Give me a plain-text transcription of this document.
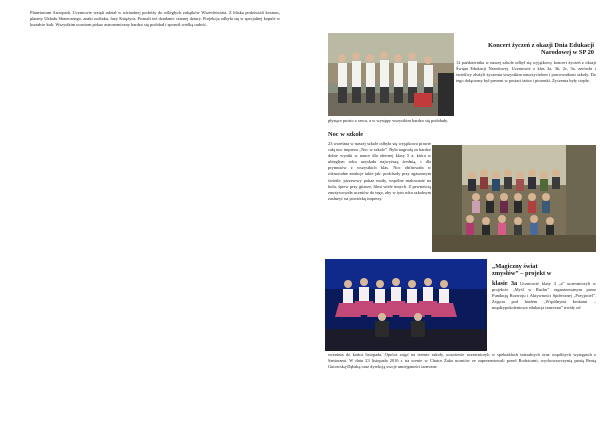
Planetarium Astropark. Uczniowie wzięli udział w wirtualnej podróży do odległych zakątków Wszechświata. Z bliska podziwiali kosmos, planety Układu Słonecznego, znaki zodiaku, fazy Księżyca. Poznali też działanie czarnej dziury. Projekcja odbyła się w specjalnej kopule w kształcie kuli. Wszystkim uczniom pokaz astronomiczny bardzo się podobał i sprawił wielką radość.

Koncert życzeń z okazji Dnia Edukacji Narodowej w SP 20

12 października w naszej szkole odbył się wyjątkowy koncert życzeń z okazji Święta Edukacji Narodowej. Uczniowie z klas 3a, 3b, 2c, 5a, zerówki i świetlicy złożyli życzenia wszystkim nauczycielom i pracownikom szkoły. Do tego dołączony był prezent w postaci tańca i piosenki. Życzenia były ciepłe,

płynące prosto z serca, a w występy wszystkim bardzo się podobały.

Noc w szkole

23 września w naszej szkole odbyła się wyjątkowa prawie całą noc impreza „Noc w szkole”. Była nagrodą za bardzo dobre wyniki w nauce dla obecnej klasy 5 a, która w ubiegłym roku uzyskała najwyższą średnią, i dla prymusów z wszystkich klas. Noc obfitowała w różnorodne atrakcje takie jak: podchody przy zgaszonym świetle, pizzerowy pokaz mody, wspólne malowanie na holu, śpiew przy gitarze, filmi wiele innych. Z pewnością zmotywowała uczniów do tego, aby w tym roku szkolnym zasłużyć na powtórkę imprezy.

„Magiczny świat

zmysłów” – projekt w

klasie 3a Uczniowie klasy 3 „a” uczestniczyli w projekcie „Myśl w Ruchu” organizowanym przez Fundację Rozwoju i Aktywności Społecznej „Przyjaciel”. Zajęcia pod hasłem „Wspólnymi krokami – międzypokoleniowa edukacja taneczna” trwały od

września do końca listopada. Oprócz zajęć na terenie szkoły, uczniowie uczestniczyli w spektaklach teatralnych oraz wspólnych występach z Seniorami. W dniu 23 listopada 2016 r. na scenie w Chatce Żaka uczniów ze zaprezentowali przed Rodzicami, wychowawczynią panią Beatą Gutowską-Dębską oraz dyrekcją swoje umiejętności taneczne.
